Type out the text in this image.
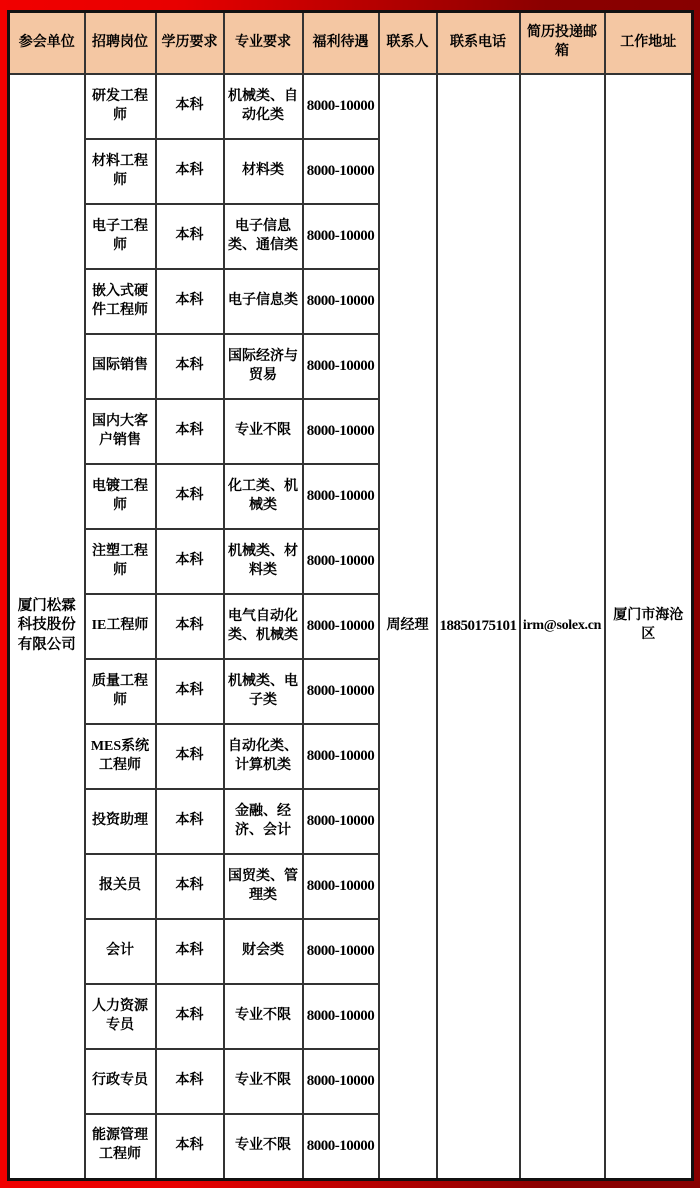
参会单位	招聘岗位	学历要求	专业要求	福利待遇	联系人	联系电话	简历投递邮箱	工作地址
厦门松霖科技股份有限公司	研发工程师	本科	机械类、自动化类	8000-10000	周经理	18850175101	irm@solex.cn	厦门市海沧区
	材料工程师	本科	材料类	8000-10000				
	电子工程师	本科	电子信息类、通信类	8000-10000				
	嵌入式硬件工程师	本科	电子信息类	8000-10000				
	国际销售	本科	国际经济与贸易	8000-10000				
	国内大客户销售	本科	专业不限	8000-10000				
	电镀工程师	本科	化工类、机械类	8000-10000				
	注塑工程师	本科	机械类、材料类	8000-10000				
	IE工程师	本科	电气自动化类、机械类	8000-10000				
	质量工程师	本科	机械类、电子类	8000-10000				
	MES系统工程师	本科	自动化类、计算机类	8000-10000				
	投资助理	本科	金融、经济、会计	8000-10000				
	报关员	本科	国贸类、管理类	8000-10000				
	会计	本科	财会类	8000-10000				
	人力资源专员	本科	专业不限	8000-10000				
	行政专员	本科	专业不限	8000-10000				
	能源管理工程师	本科	专业不限	8000-10000				
